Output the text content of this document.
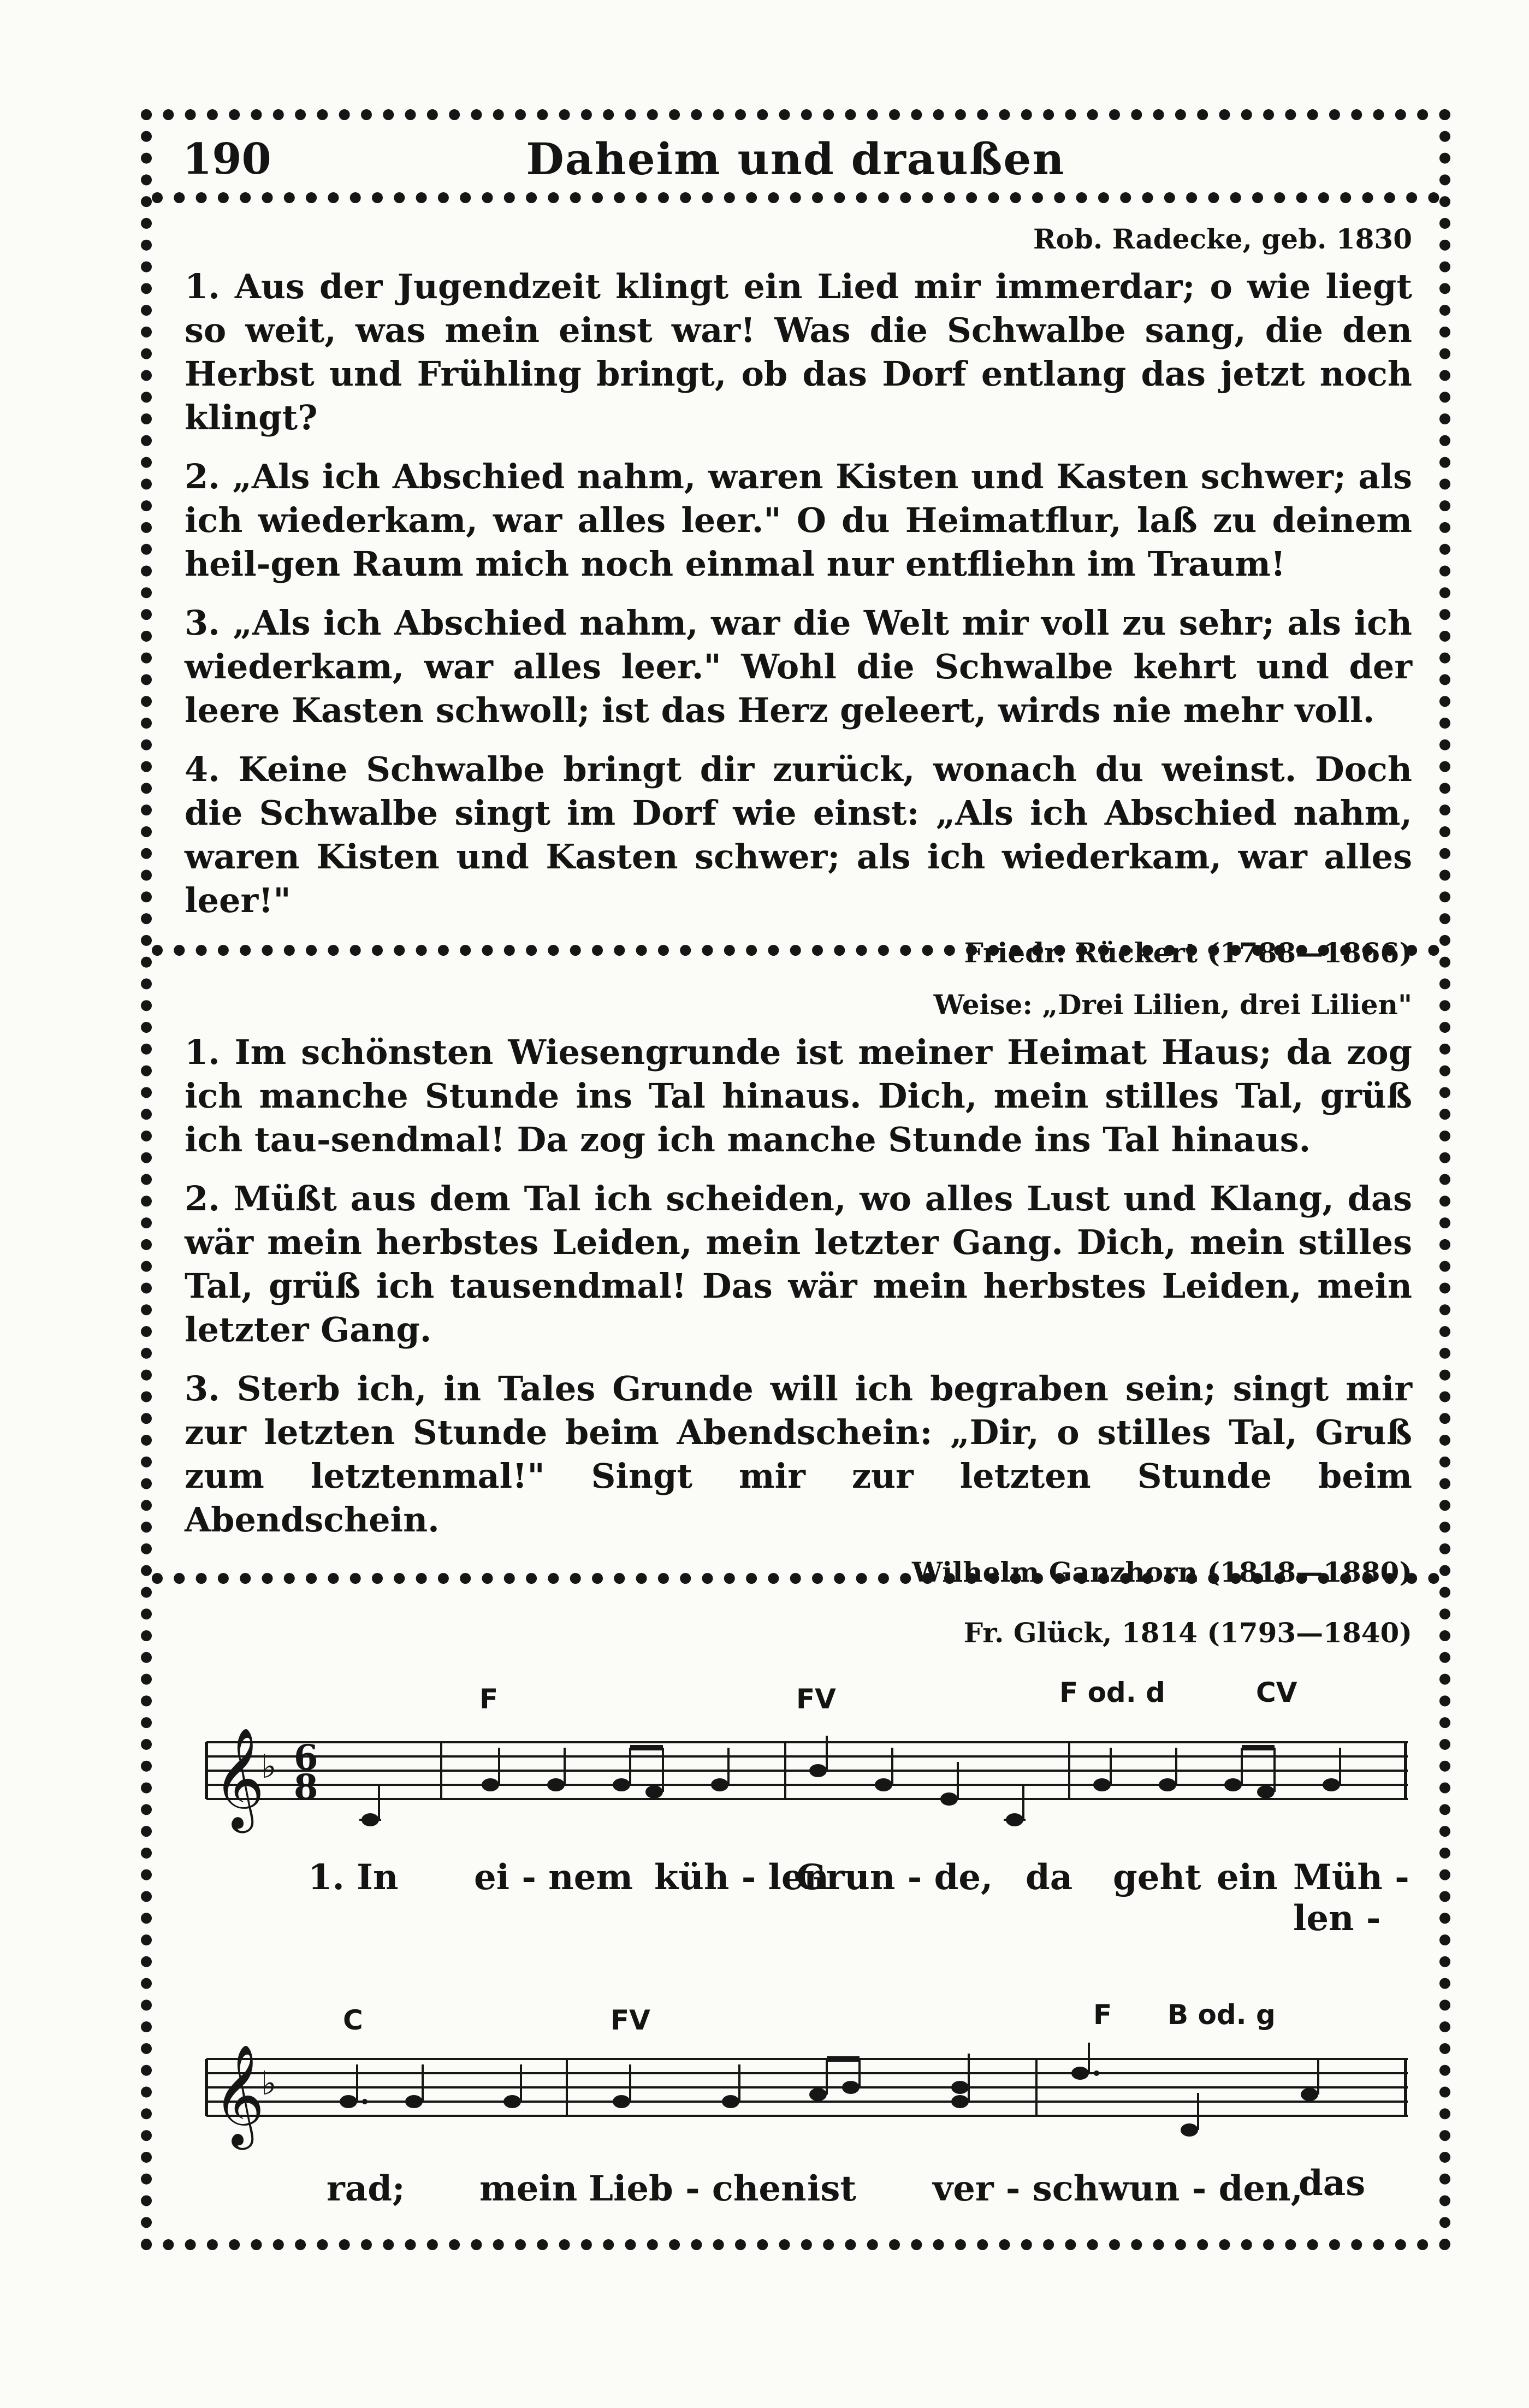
190	Daheim und draußen

Rob. Radecke, geb. 1830

1. Aus der Jugendzeit klingt ein Lied mir immerdar; o wie liegt so weit, was mein einst war! Was die Schwalbe sang, die den Herbst und Frühling bringt, ob das Dorf entlang das jetzt noch klingt?

2. „Als ich Abschied nahm, waren Kisten und Kasten schwer; als ich wiederkam, war alles leer." O du Heimatflur, laß zu deinem heil-gen Raum mich noch einmal nur entfliehn im Traum!

3. „Als ich Abschied nahm, war die Welt mir voll zu sehr; als ich wiederkam, war alles leer." Wohl die Schwalbe kehrt und der leere Kasten schwoll; ist das Herz geleert, wirds nie mehr voll.

4. Keine Schwalbe bringt dir zurück, wonach du weinst. Doch die Schwalbe singt im Dorf wie einst: „Als ich Abschied nahm, waren Kisten und Kasten schwer; als ich wiederkam, war alles leer!"

Friedr. Rückert (1788—1866)

Weise: „Drei Lilien, drei Lilien"

1. Im schönsten Wiesengrunde ist meiner Heimat Haus; da zog ich manche Stunde ins Tal hinaus. Dich, mein stilles Tal, grüß ich tau-sendmal! Da zog ich manche Stunde ins Tal hinaus.

2. Müßt aus dem Tal ich scheiden, wo alles Lust und Klang, das wär mein herbstes Leiden, mein letzter Gang. Dich, mein stilles Tal, grüß ich tausendmal! Das wär mein herbstes Leiden, mein letzter Gang.

3. Sterb ich, in Tales Grunde will ich begraben sein; singt mir zur letzten Stunde beim Abendschein: „Dir, o stilles Tal, Gruß zum letztenmal!" Singt mir zur letzten Stunde beim Abendschein.

Wilhelm Ganzhorn (1818—1880)

Fr. Glück, 1814 (1793—1840)

F	FV	F od. d	CV
𝄞
♭ 6
8
1. In ei - nem küh - len
Grun - de, da geht ein Müh - len -
C	FV	F B od. g
𝄞
♭
rad; mein Lieb - chen ist ver - schwun - den,
das
